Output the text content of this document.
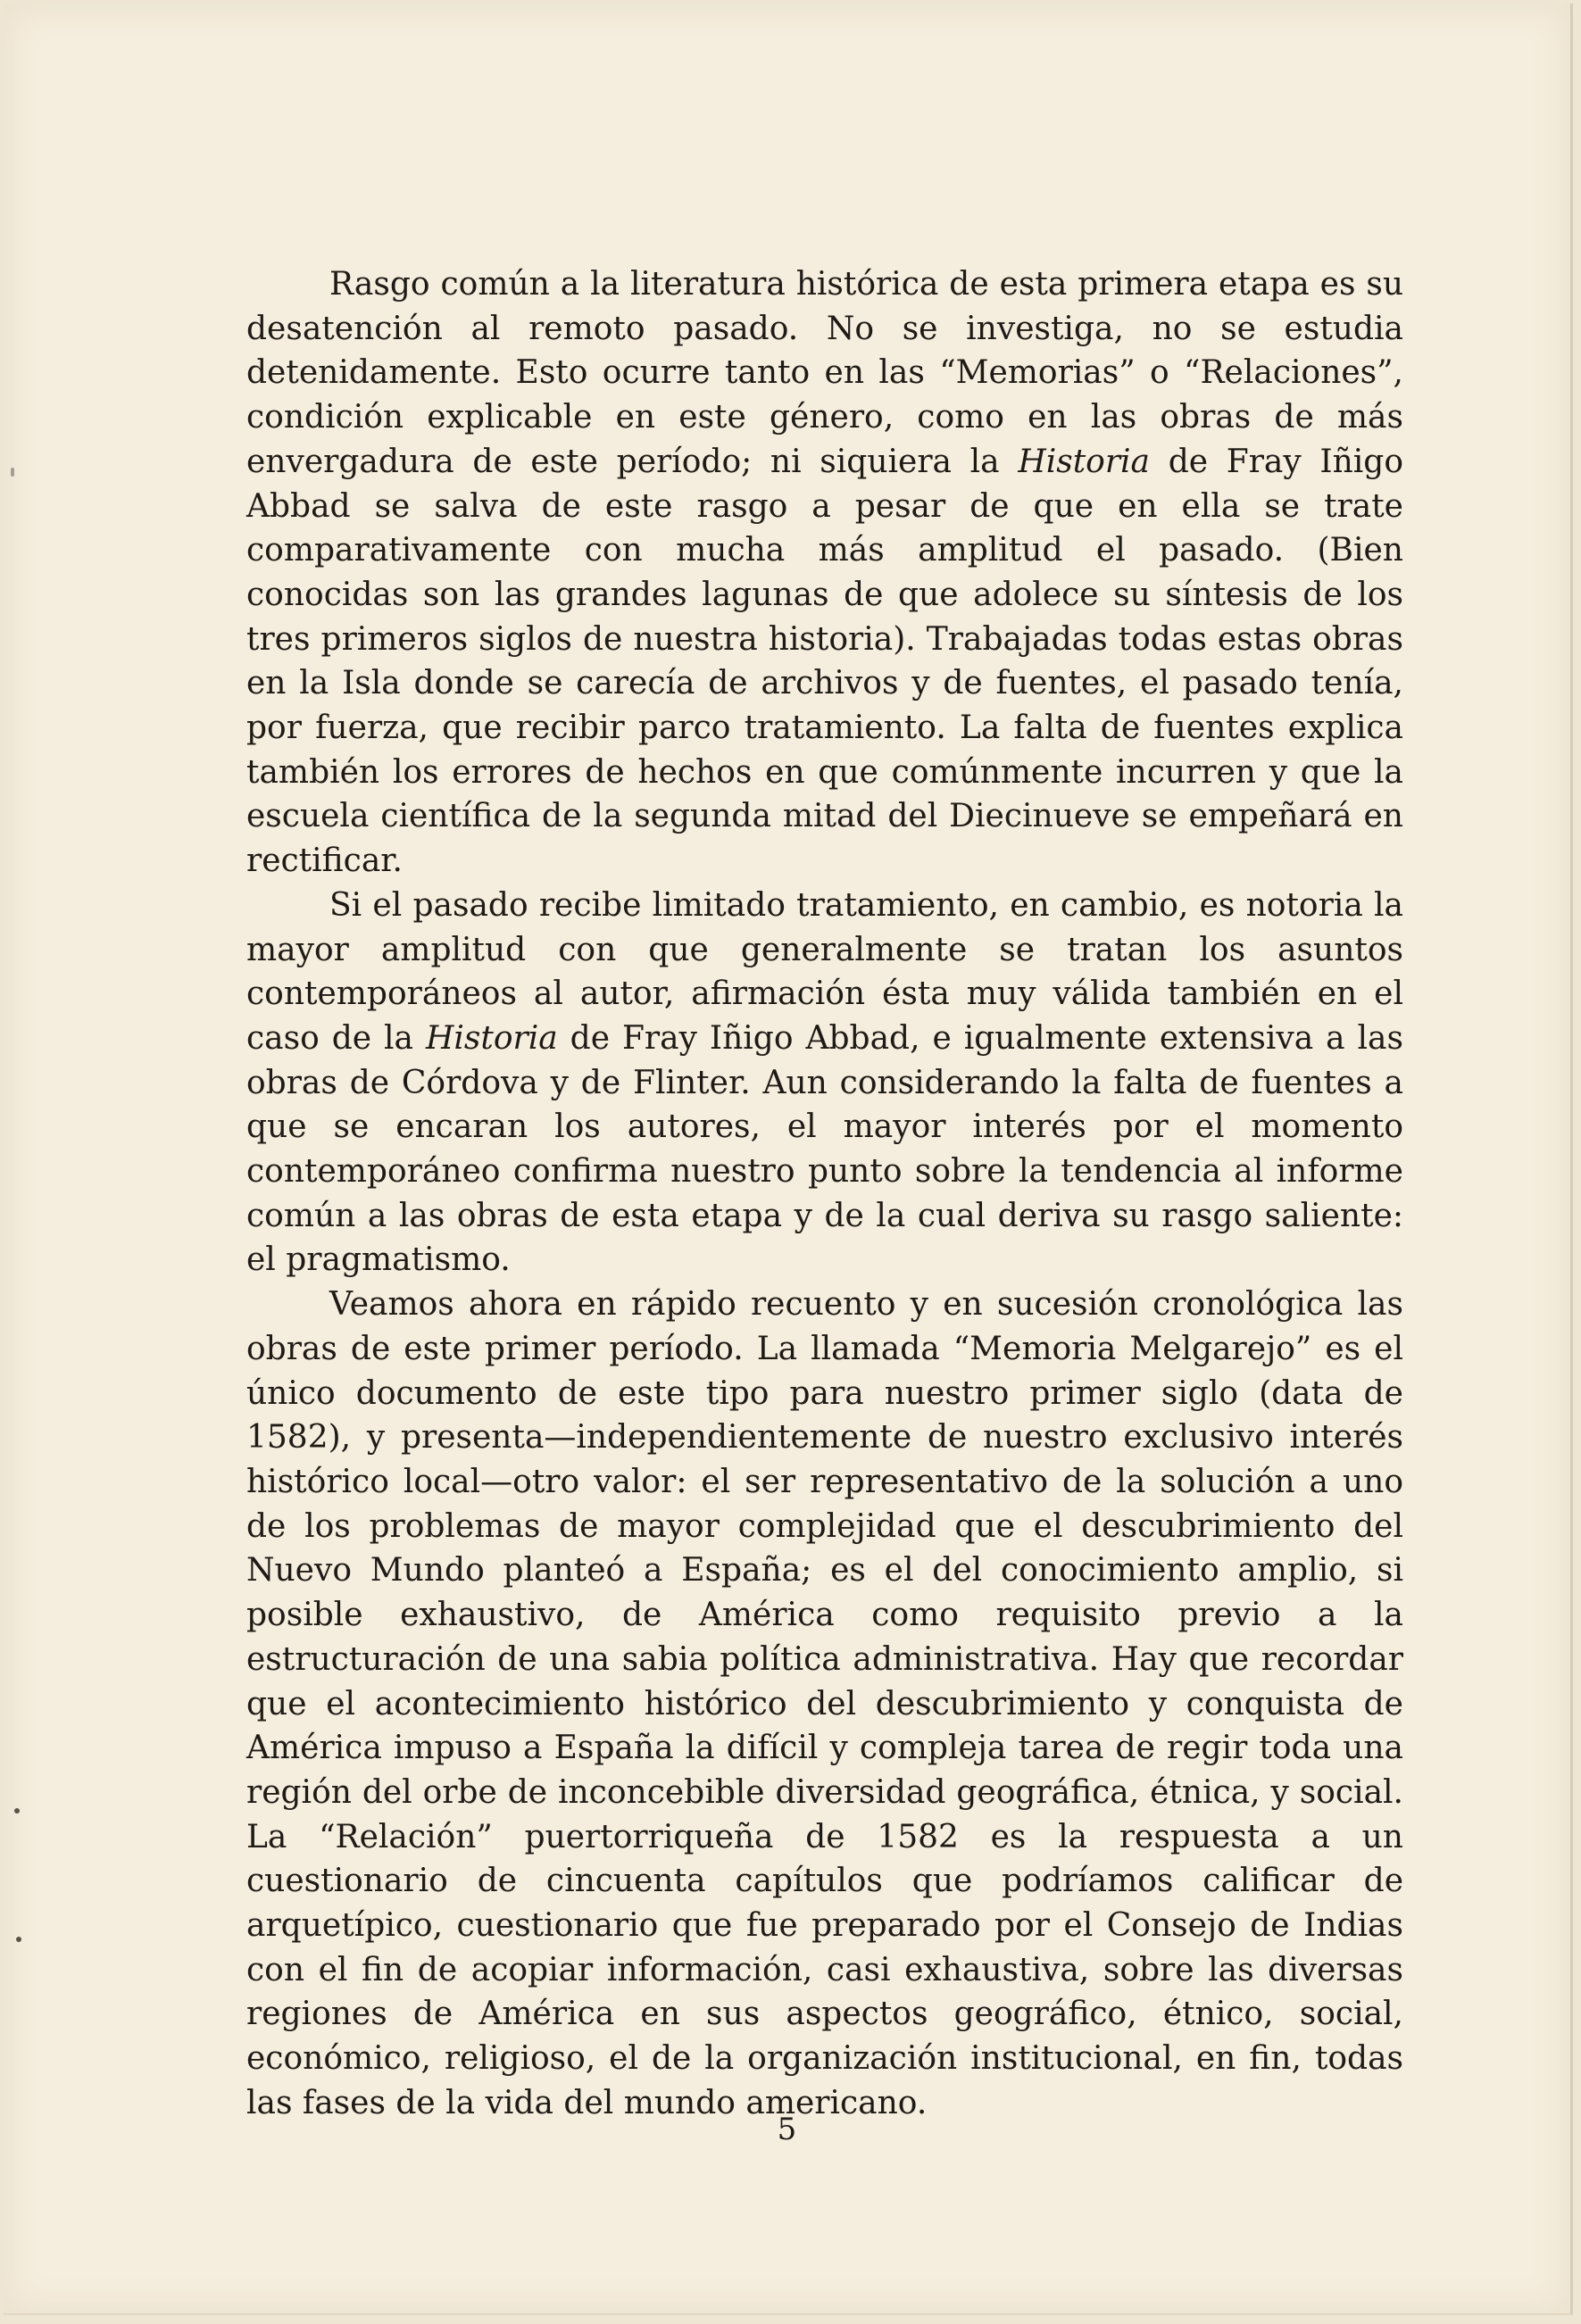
Rasgo común a la literatura histórica de esta primera etapa es su desatención al remoto pasado. No se investiga, no se estudia detenidamente. Esto ocurre tanto en las “Memorias” o “Relaciones”, condición explicable en este género, como en las obras de más envergadura de este período; ni siquiera la Historia de Fray Iñigo Abbad se salva de este rasgo a pesar de que en ella se trate comparativamente con mucha más amplitud el pasado. (Bien conocidas son las grandes lagunas de que adolece su síntesis de los tres primeros siglos de nuestra historia). Trabajadas todas estas obras en la Isla donde se carecía de archivos y de fuentes, el pasado tenía, por fuerza, que recibir parco tratamiento. La falta de fuentes explica también los errores de hechos en que comúnmente incurren y que la escuela científica de la segunda mitad del Diecinueve se empeñará en rectificar.

Si el pasado recibe limitado tratamiento, en cambio, es notoria la mayor amplitud con que generalmente se tratan los asuntos contemporáneos al autor, afirmación ésta muy válida también en el caso de la Historia de Fray Iñigo Abbad, e igualmente extensiva a las obras de Córdova y de Flinter. Aun considerando la falta de fuentes a que se encaran los autores, el mayor interés por el momento contemporáneo confirma nuestro punto sobre la tendencia al informe común a las obras de esta etapa y de la cual deriva su rasgo saliente: el pragmatismo.

Veamos ahora en rápido recuento y en sucesión cronológica las obras de este primer período. La llamada “Memoria Melgarejo” es el único documento de este tipo para nuestro primer siglo (data de 1582), y presenta—independientemente de nuestro exclusivo interés histórico local—otro valor: el ser representativo de la solución a uno de los problemas de mayor complejidad que el descubrimiento del Nuevo Mundo planteó a España; es el del conocimiento amplio, si posible exhaustivo, de América como requisito previo a la estructuración de una sabia política administrativa. Hay que recordar que el acontecimiento histórico del descubrimiento y conquista de América impuso a España la difícil y compleja tarea de regir toda una región del orbe de inconcebible diversidad geográfica, étnica, y social. La “Relación” puertorriqueña de 1582 es la respuesta a un cuestionario de cincuenta capítulos que podríamos calificar de arquetípico, cuestionario que fue preparado por el Consejo de Indias con el fin de acopiar información, casi exhaustiva, sobre las diversas regiones de América en sus aspectos geográfico, étnico, social, económico, religioso, el de la organización institucional, en fin, todas las fases de la vida del mundo americano.

5
